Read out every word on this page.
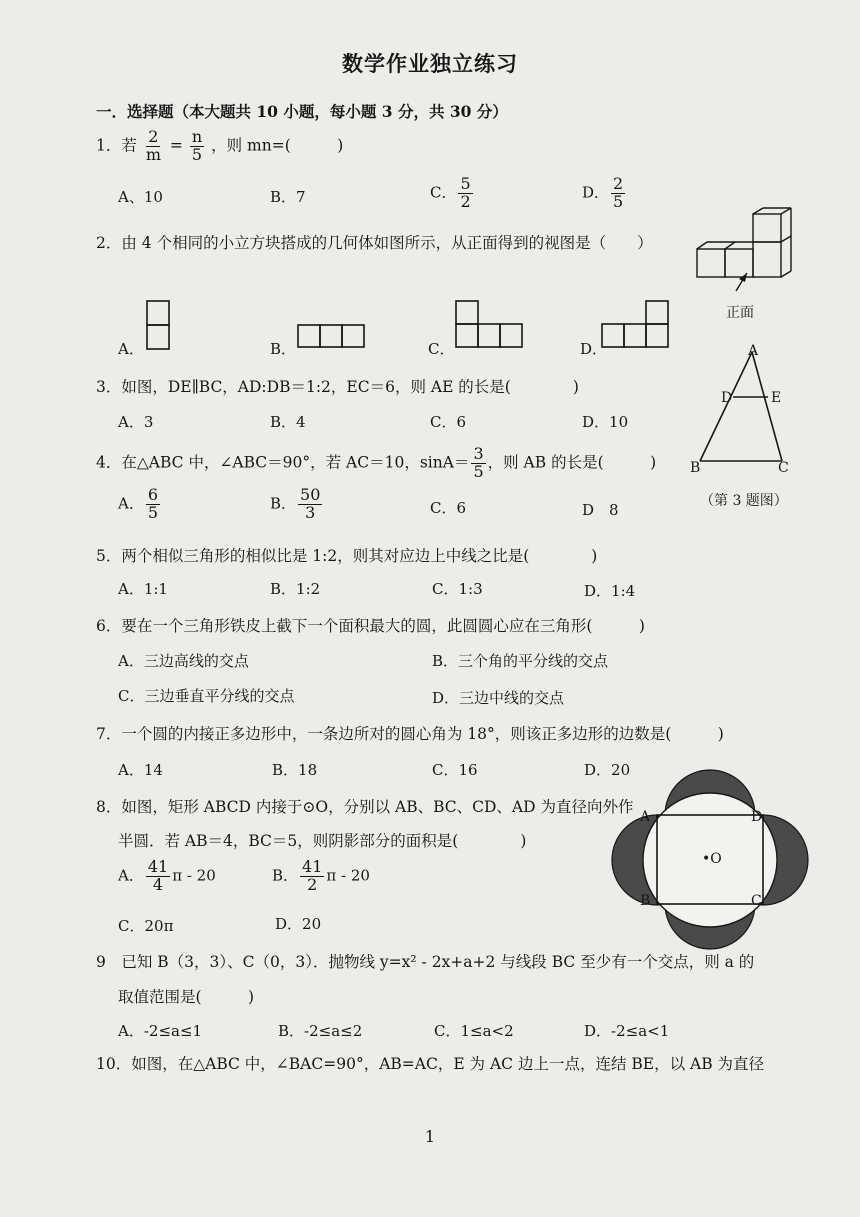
数学作业独立练习
一．选择题（本大题共 10 小题，每小题 3 分，共 30 分）
1．若 $\frac{2}{m} = \frac{n}{5}$ ，则 mn=(　　　)
A、10	B．7	C． $\frac{5}{2}$	D． $\frac{2}{5}$
2．由 4 个相同的小立方块搭成的几何体如图所示，从正面得到的视图是（　　）
正面
A．	B．	C．	D．
3．如图，DE∥BC，AD:DB＝1:2，EC＝6，则 AE 的长是(　　　　)
A．3	B．4	C．6	D．10
A
D	E
B	C
（第 3 题图）
4．在△ABC 中，∠ABC＝90°，若 AC＝10，$\sin A= \frac{3}{5}$ ，则 AB 的长是(　　　)
A． $\frac{6}{5}$	B． $\frac{50}{3}$	C．6	D　8
5．两个相似三角形的相似比是 1:2，则其对应边上中线之比是(　　　　)
A．1:1	B．1:2	C．1:3	D．1:4
6．要在一个三角形铁皮上截下一个面积最大的圆，此圆圆心应在三角形(　　　)
A．三边高线的交点	B．三个角的平分线的交点
C．三边垂直平分线的交点	D．三边中线的交点
7．一个圆的内接正多边形中，一条边所对的圆心角为 18°，则该正多边形的边数是(　　　)
A．14	B．18	C．16	D．20
8．如图，矩形 ABCD 内接于⊙O，分别以 AB、BC、CD、AD 为直径向外作
半圆．若 AB＝4，BC＝5，则阴影部分的面积是(　　　　)
A． $\frac{41}{4}$ π - 20	B． $\frac{41}{2}$ π - 20
C．20π	D．20
A	D
B	C
•O
9　已知 B（3，3）、C（0，3）．抛物线 y=x² - 2x+a+2 与线段 BC 至少有一个交点，则 a 的
取值范围是(　　　)
A．-2≤a≤1	B．-2≤a≤2	C．1≤a<2	D．-2≤a<1
10．如图，在△ABC 中，∠BAC=90°，AB=AC，E 为 AC 边上一点，连结 BE，以 AB 为直径
1
